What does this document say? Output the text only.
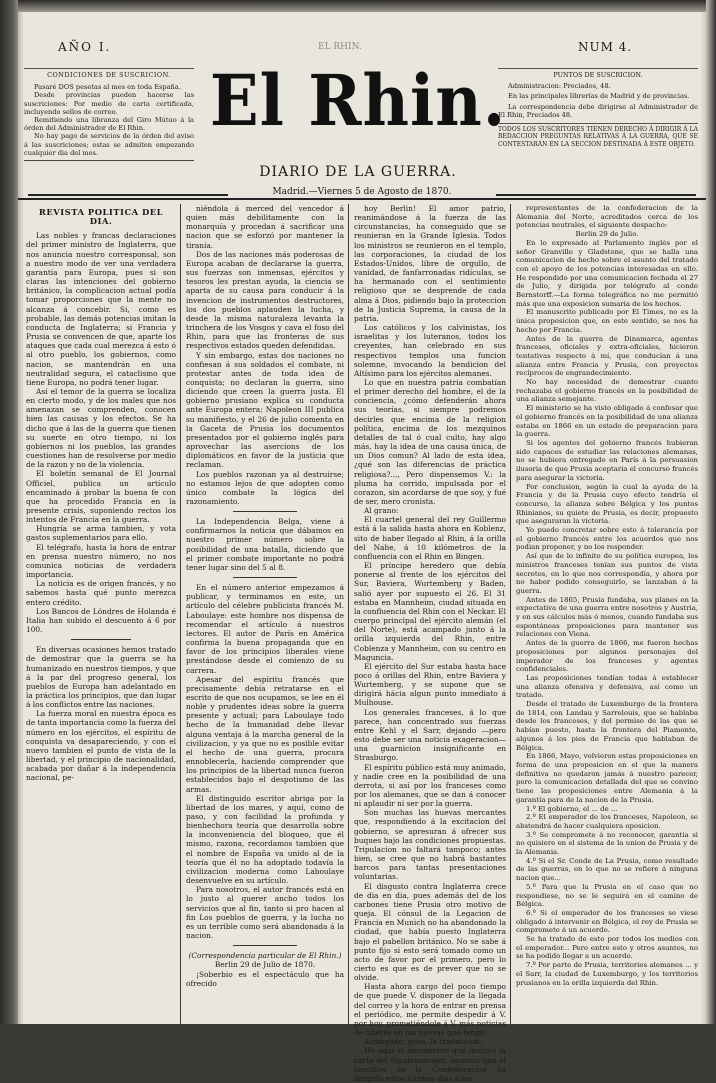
AÑO I.	EL RHIN.	NUM 4.
CONDICIONES DE SUSCRICION.

Pasaré DOS pesetas al mes en toda España.

Desde provincias pueden hacerse las suscriciones: Por medio de carta certificada, incluyendo sellos de correo.

Remitiendo una libranza del Giro Mútuo á la órden del Administrador de El Rhin.

No hay pago de servicios de la órden del aviso á las suscriciones; estas se admiten empezando cualquier dia del mes.

El Rhin.
DIARIO DE LA GUERRA.
PUNTOS DE SUSCRICION.

Administracion: Preciados, 48.

En las principales librerías de Madrid y de provincias.

La correspondencia debe dirigirse al Administrador de El Rhin, Preciados 48.

TODOS LOS SUSCRITORES TIENEN DERECHO Á DIRIGIR Á LA REDACCION PREGUNTAS RELATIVAS Á LA GUERRA, QUE SE CONTESTARÁN EN LA SECCION DESTINADA Á ESTE OBJETO.
Madrid.—Viernes 5 de Agosto de 1870.
REVISTA POLITICA DEL DIA.

Las nobles y francas declaraciones del primer ministro de Inglaterra, que nos anuncia nuestro corresponsal, son a nuestro modo de ver una verdadera garantía para Europa, pues si son claras las intenciones del gobierno británico, la complicacion actual podía tomar proporciones que la mente no alcanza á concebir. Si, como es probable, las demás potencias imitan la conducta de Inglaterra; si Francia y Prusia se convencen de que, aparte los ataques que cada cual merezca á esto ó al otro pueblo, los gobiernos, como nacion, se mantendrán en una neutralidad segura, el cataclismo que tiene Europa, no podrá tener lugar.

Así el temor de la guerra se localiza en cierto modo, y de los males que nos amenazan se comprenden, conocen bien las causas y los efectos. Se ha dicho que á las de la guerra que tienen su suerte en otro tiempo, ni los gobiernos ni los pueblos, las grandes cuestiones han de resolverse por medio de la razon y no de la violencia.

El boletín semanal de El Journal Officiel, publica un artículo encaminado á probar la buena fe con que ha procedido Francia en la presente crisis, suponiendo rectos los intentos de Francia en la guerra.

Hungría se arma tambien, y vota gastos suplementarios para ello.

El telégrafo, hasta la hora de entrar en prensa nuestro número, no nos comunica noticias de verdadera importancia.

La noticia es de origen francés, y no sabemos hasta qué punto merezca entero crédito.

Los Bancos de Lóndres de Holanda é Italia han subido el descuento á 6 por 100.

En diversas ocasiones hemos tratado de demostrar que la guerra se ha humanizado en nuestros tiempos, y que á la par del progreso general, los pueblos de Europa han adelantado en la práctica los principios, que dan lugar á los conflictos entre las naciones.

La fuerza moral en nuestra época es de tanta importancia como la fuerza del número en los ejércitos, el espíritu de conquista va desapareciendo, y con el nuevo tambien el punto de vista de la libertad, y el principio de nacionalidad, acabada por dañar á la independencia nacional, pe-

niéndola á merced del vencedor á quien más debilitamente con la monarquía y procedan á sacrificar una nacion que se esforzó por mantener la tiranía.

Dos de las naciones más poderosas de Europa acaban de declararse la guerra, sus fuerzas son inmensas, ejércitos y tesoros les prestan ayuda, la ciencia se aparta de su causa para conducir á la invencion de instrumentos destructores, los dos pueblos aplauden la lucha, y desde la misma naturaleza levanta la trinchera de los Vosgos y cava el foso del Rhin, para que las fronteras de sus respectivos estados queden defendidas.

Y sin embargo, estas dos naciones no confiesan á sus soldados el combate, ni protestar antes de toda idea de conquista; no declaran la guerra, sino diciendo que creen la guerra justa. El gobierno prusiano explica su conducta ante Europa entera; Napoleon III publica su manifiesto, y el 26 de julio comenta en la Gaceta de Prusia los documentos presentados por el gobierno inglés para aprovechar las asercions de los diplomáticos en favor de la justicia que reclaman.

Los pueblos razonan ya al destruirse; no estamos lejos de que adopten como único combate la lógica del razonamiento.

La Independencia Belga, viene á confirmarnos la noticia que dábamos en nuestro primer número sobre la posibilidad de una batalla, diciendo que el primer combate importante no podrá tener lugar sino del 5 al 8.

En el número anterior empezamos á publicar, y terminamos en este, un artículo del célebre publicista francés M. Laboulaye: este hombre nos dispensa de recomendar el artículo á nuestros lectores. El autor de París en América confirma la buena propaganda que en favor de los principios liberales viene prestándose desde el comienzo de su carrera.

Apesar del espíritu francés que precisamente debía retratarse en el escrito de que nos ocupamos, se lee en él noble y prudentes ideas sobre la guerra presente y actual; para Laboulaye todo hecho de la humanidad debe llevar alguna ventaja á la marcha general de la civilizacion, y ya que no es posible evitar el hecho de una guerra, procura ennoblecerla, haciendo comprender que los principios de la libertad nunca fueron establecidos bajo el despotismo de las armas.

El distinguido escritor abriga por la libertad de los mares, y aquí, como de paso, y con facilidad la profunda y bienhechora teoría que desarrolla sobre la inconveniencia del bloqueo, que él mismo, razona, recordamos tambien que el nombre de España va unido al de la teoría que él no ha adoptado todavía la civilizacion moderna como Laboulaye desenvuelve en su artículo.

Para nosotros, el autor francés está en lo justo al querer ancho todos los servicios que al fin, tanto si pro hacen al fin Los pueblos de guerra, y la lucha no es un terrible como será abandonada á la nacion.

(Correspondencia particular de El Rhin.)

Berlin 29 de Julio de 1870.

¡Soberbio es el espectáculo que ha ofrecido

hoy Berlin! El amor patrio, reanimándose á la fuerza de las circunstancias, ha conseguido que se reunieran en la Grande Iglesia. Todos los ministros se reunieron en el templo, las corporaciones, la ciudad de los Estados-Unidos, libre de orgullo, de vanidad, de fanfarronadas ridículas, se ha hermanado con el sentimiento religioso que se desprende de cada alma á Dios, pidiendo bajo la proteccion de la Justicia Suprema, la causa de la patria.

Los católicos y los calvinistas, los israelitas y los luteranos, todos los creyentes, han celebrado en sus respectivos templos una funcion solemne, invocando la bendicion del Altísimo para los ejércitos alemanes.

Lo que en nuestra patria combatían el primer derecho del hombre, el de la conciencia, ¿cómo defenderán ahora sus teorías, si siempre podremos decirles que encima de la religion política, encima de los mezquinos detalles de tal ó cual culto, hay algo más, hay la idea de una causa única, de un Dios comun? Al lado de esta idea, ¿qué son las diferencias de práctica religiosa?..., Pero dispensemos V.: la pluma ha corrido, impulsada por el corazon, sin acordarse de que soy, y fué de ser, mero cronista.

Al grano:

El cuartel general del rey Guillermo está á la salida hasta ahora en Koblenz, sito de haber llegado al Rhin, á la orilla del Nahe, á 10 kilómetros de la confluencia con el Rhin en Bingen.

El príncipe heredero que debía ponerse al frente de los ejércitos del Sur, Baviera, Wurtemberg y Baden, salió ayer por supuesto el 26. El 31 estaba en Mannheim, ciudad situada en la confluencia del Rhin con el Neckar. El cuerpo principal del ejército alemán (el del Norte), está acampado junto á la orilla izquierda del Rhin, entre Coblenza y Mannheim, con su centro en Maguncia.

El ejército del Sur estaba hasta hace poco á orillas del Rhin, entre Baviera y Wurtemberg, y se supone que se dirigirá hácia algun punto inmediato á Mulhouse.

Los generales franceses, á lo que parece, han concentrado sus fuerzas entre Kehl y el Sarr, dejando —pero esto debe ser una noticia exageracion— una guarnicion insignificante en Strasburgo.

El espíritu público está muy animado, y nadie cree en la posibilidad de una derrota, si así por los franceses como por los alemanes, que se dan á conocer ni aplaudir ni ser por la guerra.

Son muchas las huevas mercantes que, respondiendo á la excitacion del gobierno, se apresuran á ofrecer sus buques bajo las condiciones propuestas. Tripulacion no faltará tampoco; antes bien, se cree que no habrá bastantes barcos para tantas presentaciones voluntarias.

El disgusto contra Inglaterra crece de dia en dia, pues además del de los carbones tiene Prusia otro motivo de queja. El cónsul de la Legacion de Francia en Munich no ha abandonado la ciudad, que había puesto Inglaterra bajo el pabellon británico. No se sabe á punto fijo si esto será tomado como un acto de favor por el primero, pero lo cierto es que es de prever que no se olvide.

Hasta ahora cargo del poco tiempo de que puede V. disponer de la llegada del correo y la hora de entrar en prensa el periódico, me permite despedir á V. por hoy, prometiéndole á V. más noticias de interés en las nuevas que tengo.

Acompaño, pues, la traduccion.

He aquí el documento que incluyó la carta del Staatsanzeiger, anuncia que el canciller de la Confederacion ha dirigido estos últimos dias á los

representantes de la confederacion de la Alemania del Norte, acreditados cerca de los potencias neutrales, el siguiente despacho:

Berlin 29 de Julio.

En lo expresado al Parlamento inglés por el señor Granville y Gladstone, que se halla una comunicacion de hecho sobre el asunto del tratado con el apoyo de los potencias interesadas en ello. He respondido por una comunicacion fechada el 27 de Julio, y dirigida por telégrafo al conde Bernstorff.—La forma telegráfica no me permitió más que una exposicion sumaria de los hechos.

El manuscrito publicado por El Times, no es la única proposicion que, en este sentido, se nos ha hecho por Francia.

Antes de la guerra de Dinamarca, agentes franceses, oficiales y extra-oficiales, hicieron tentativas respecto á mí, que conducían á una alianza entre Francia y Prusia, con proyectos recíprocos de engrandecimiento.

No hay necesidad de demostrar cuanto rechazaba el gobierno francés en la posibilidad de una alianza semejante.

El ministerio se ha visto obligado á confesar que el gobierno francés en la posibilidad de una alianza estaba en 1866 en un estado de preparacion para la guerra.

Si los agentes del gobierno francés hubieran sido capaces de estudiar las relaciones alemanas, no se hubiera entregado en París á la persuasion ilusoria de que Prusia aceptaria el concurso francés para asegurar la victoria.

Por conclusion, según la cual la ayuda de la Francia y de la Prusia cuyo efecto tendría el concurso, la alianza sobre Bélgica y los puntos Rhinianos, su quiete de Prusia, es decir, propuesto que aseguraran la victoria.

Yo puedo concretar sobre esto á tolerancia por el gobierno francés entre los acuerdos que nos podian proponer, y no los responder.

Así que de lo infinito de su política europea, los ministros franceses tenían sus puntos de vista secretos, en lo que nos correspondía, y ahora por no haber podido conseguirlo, se lanzaban á la guerra.

Antes de 1865, Prusia fundaba, sus planes en la expectativa de una guerra entre nosotros y Austria, y en sus cálculos más ó menos, cuando fundaba sus espontáneas proposiciones para mantener sus relaciones con Viena.

Antes de la guerra de 1866, me fueron hechas proposiciones por algunos personajes del imperador de los franceses y agentes confidenciales.

Las proposiciones tendían todas á establecer una alianza ofensiva y defensiva, así como un tratado.

Desde el tratado de Luxemburgo de la frontera de 1814, con Landau y Sarrelouis, que se hablaba desde los franceses, y del permiso de las que se habían puesto, hasta la frontera del Piamonte, algunos á los pies de Francia que hablaban de Bélgica.

En 1866, Mayo, volvieron estas proposiciones en forma de una proposicion en el que la manera definitiva no quedaron jamás á nuestro parecer, pero la comunicacion detallada del que se convino tiene las proposiciones entre Alemania á la garantía para de la nacion de la Prusia.

1.º El gobierno, el ... de ...

2.º El emperador de los franceses, Napoleon, se abstendrá de hacer cualquiera oposicion.

3.º Se compromete á no reconocer, garantía si no quisiere en el sistema de la union de Prusia y de la Alemania.

4.º Si el Sr. Conde de La Prusia, como resultado de las guerras, en lo que no se refiere á ninguna nacion que...

5.º Para que la Prusia en el caso que no respondiese, no se le seguirá en el camino de Bélgica.

6.º Si el emperador de los franceses se viese obligado á intervenir en Bélgica, el rey de Prusia se compromete á un acuerdo.

Se ha tratado de esto por todos los medios con el emperador... Pero entre esto y otros asuntos, no se ha podido llegar a un acuerdo.

7.º Por parte de Prusia, territorios alemanes ... y el Sarr, la ciudad de Luxemburgo, y los territorios prusianos en la orilla izquierda del Rhin.
